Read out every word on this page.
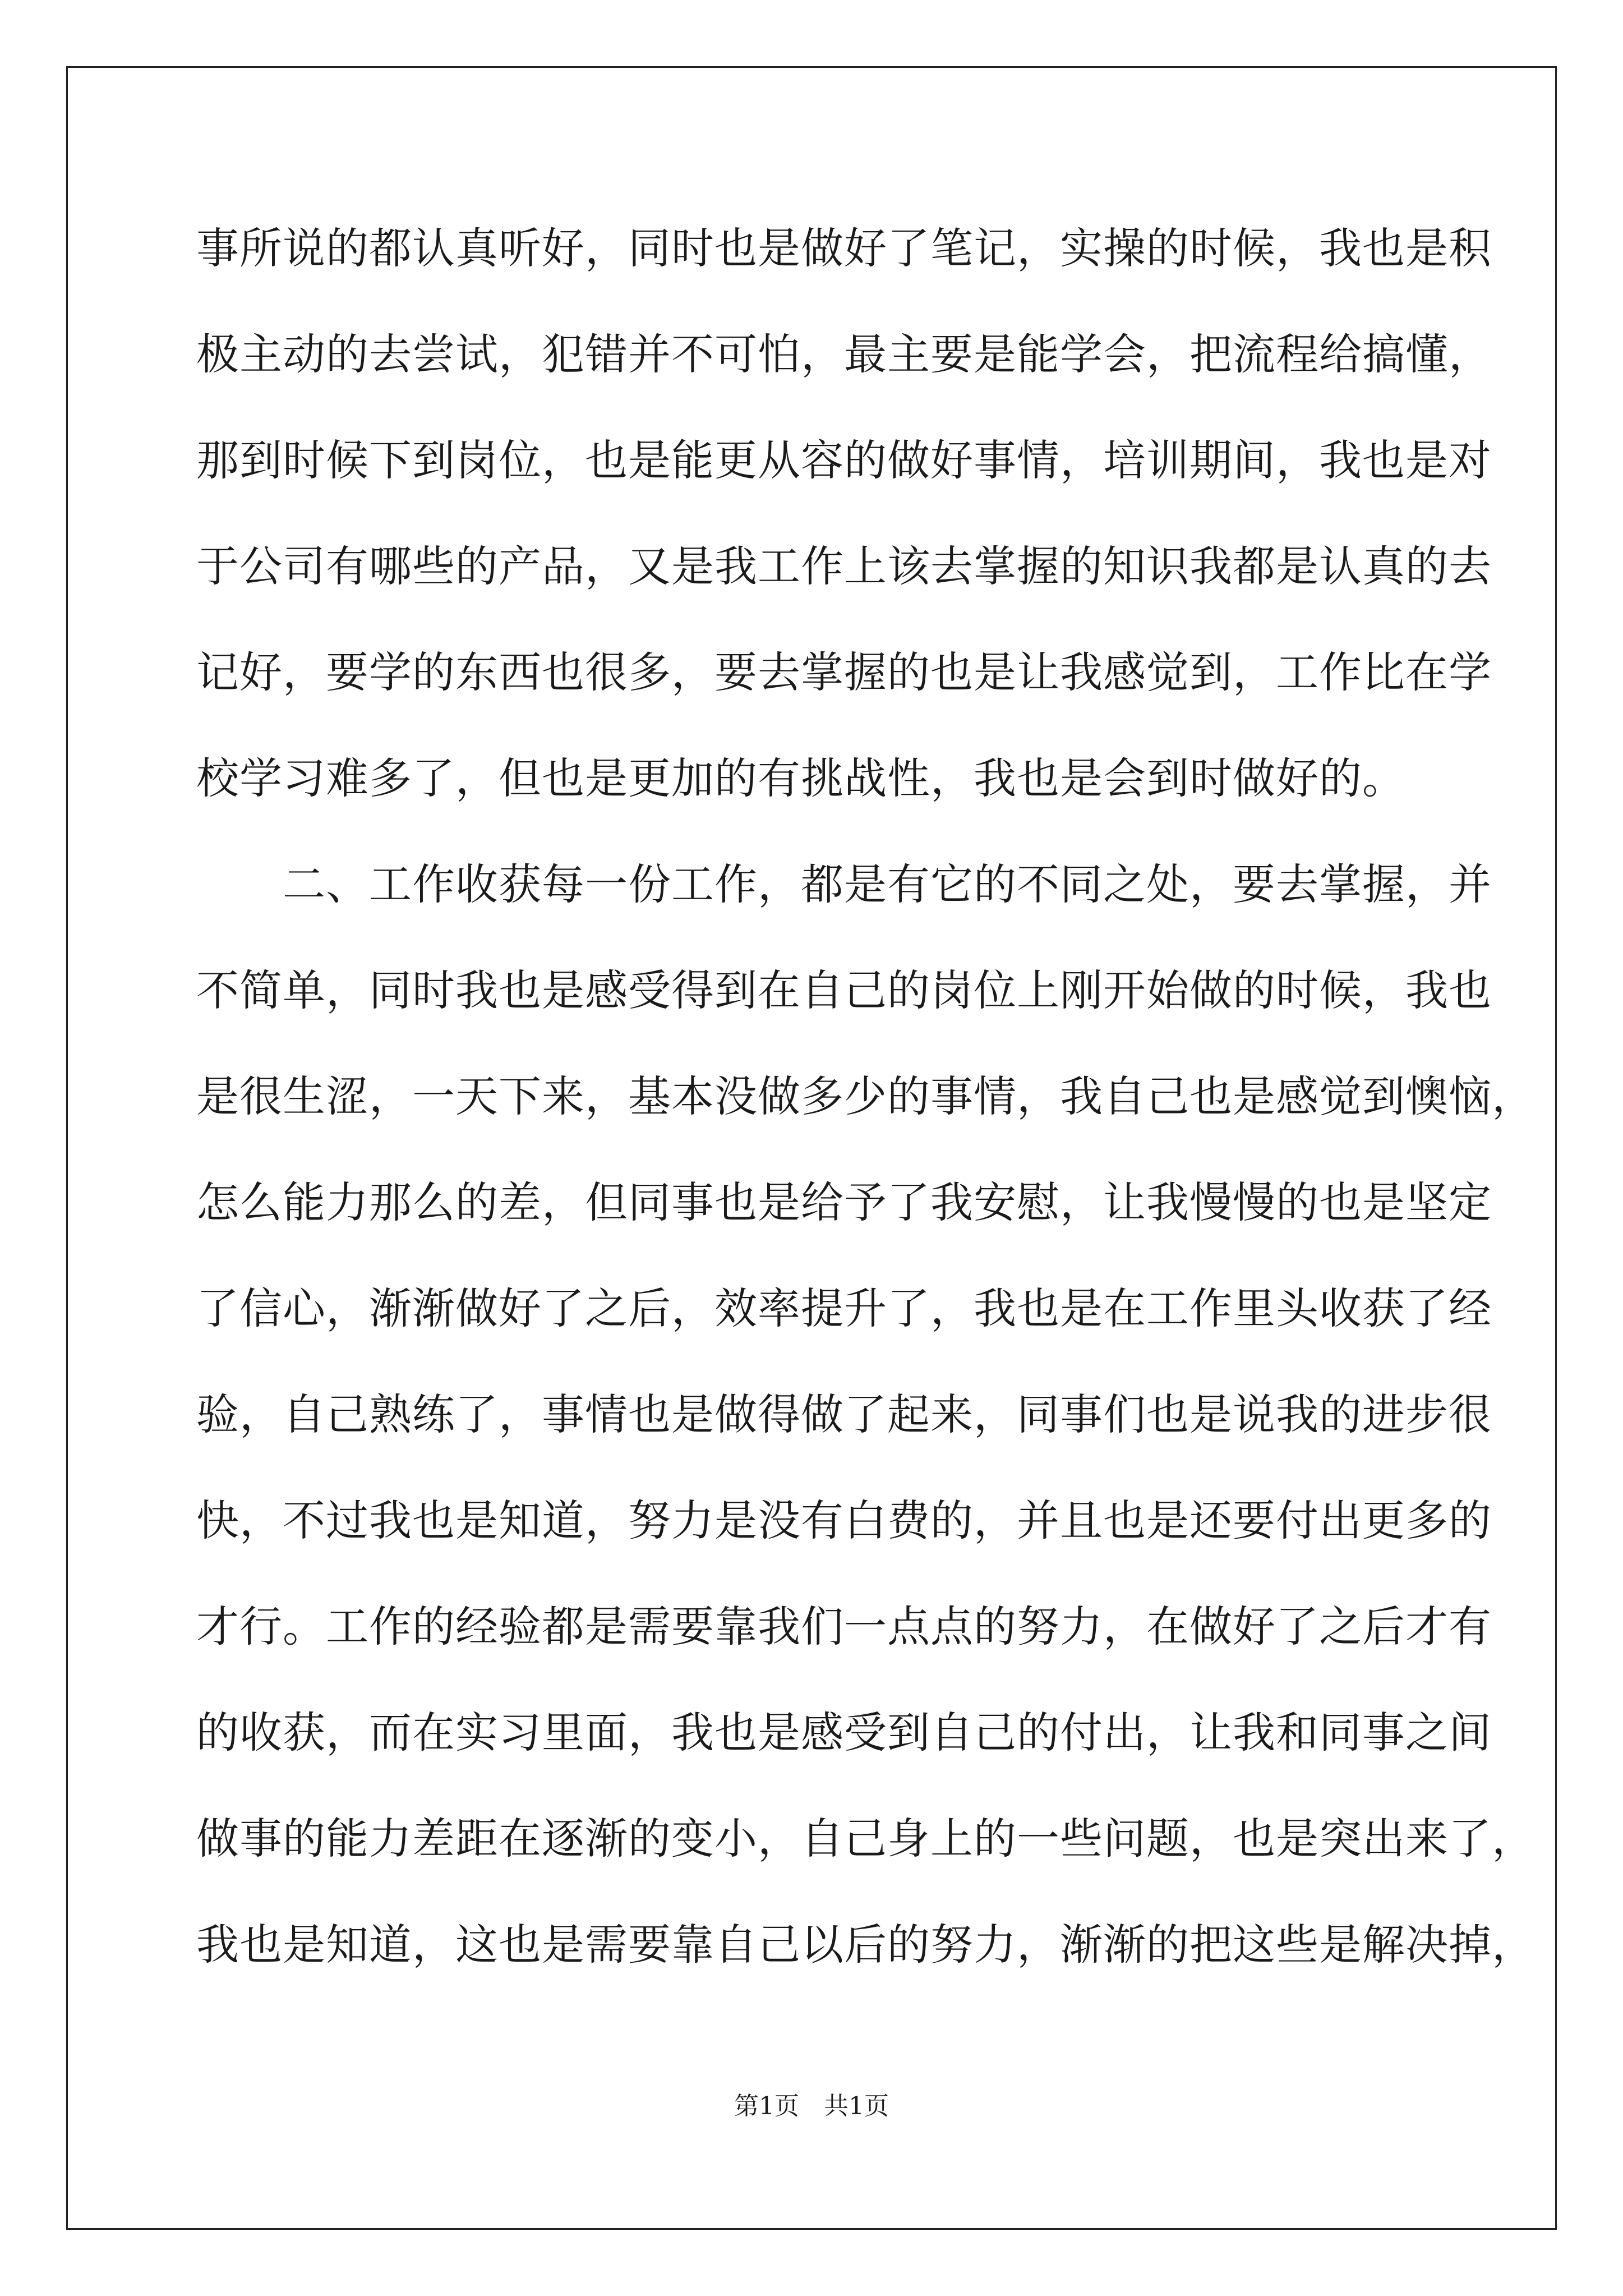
事所说的都认真听好，同时也是做好了笔记，实操的时候，我也是积
极主动的去尝试，犯错并不可怕，最主要是能学会，把流程给搞懂，
那到时候下到岗位，也是能更从容的做好事情，培训期间，我也是对
于公司有哪些的产品，又是我工作上该去掌握的知识我都是认真的去
记好，要学的东西也很多，要去掌握的也是让我感觉到，工作比在学
校学习难多了，但也是更加的有挑战性，我也是会到时做好的。
　　二、工作收获每一份工作，都是有它的不同之处，要去掌握，并
不简单，同时我也是感受得到在自己的岗位上刚开始做的时候，我也
是很生涩，一天下来，基本没做多少的事情，我自己也是感觉到懊恼，
怎么能力那么的差，但同事也是给予了我安慰，让我慢慢的也是坚定
了信心，渐渐做好了之后，效率提升了，我也是在工作里头收获了经
验，自己熟练了，事情也是做得做了起来，同事们也是说我的进步很
快，不过我也是知道，努力是没有白费的，并且也是还要付出更多的
才行。工作的经验都是需要靠我们一点点的努力，在做好了之后才有
的收获，而在实习里面，我也是感受到自己的付出，让我和同事之间
做事的能力差距在逐渐的变小，自己身上的一些问题，也是突出来了，
我也是知道，这也是需要靠自己以后的努力，渐渐的把这些是解决掉，
第1页 共1页
